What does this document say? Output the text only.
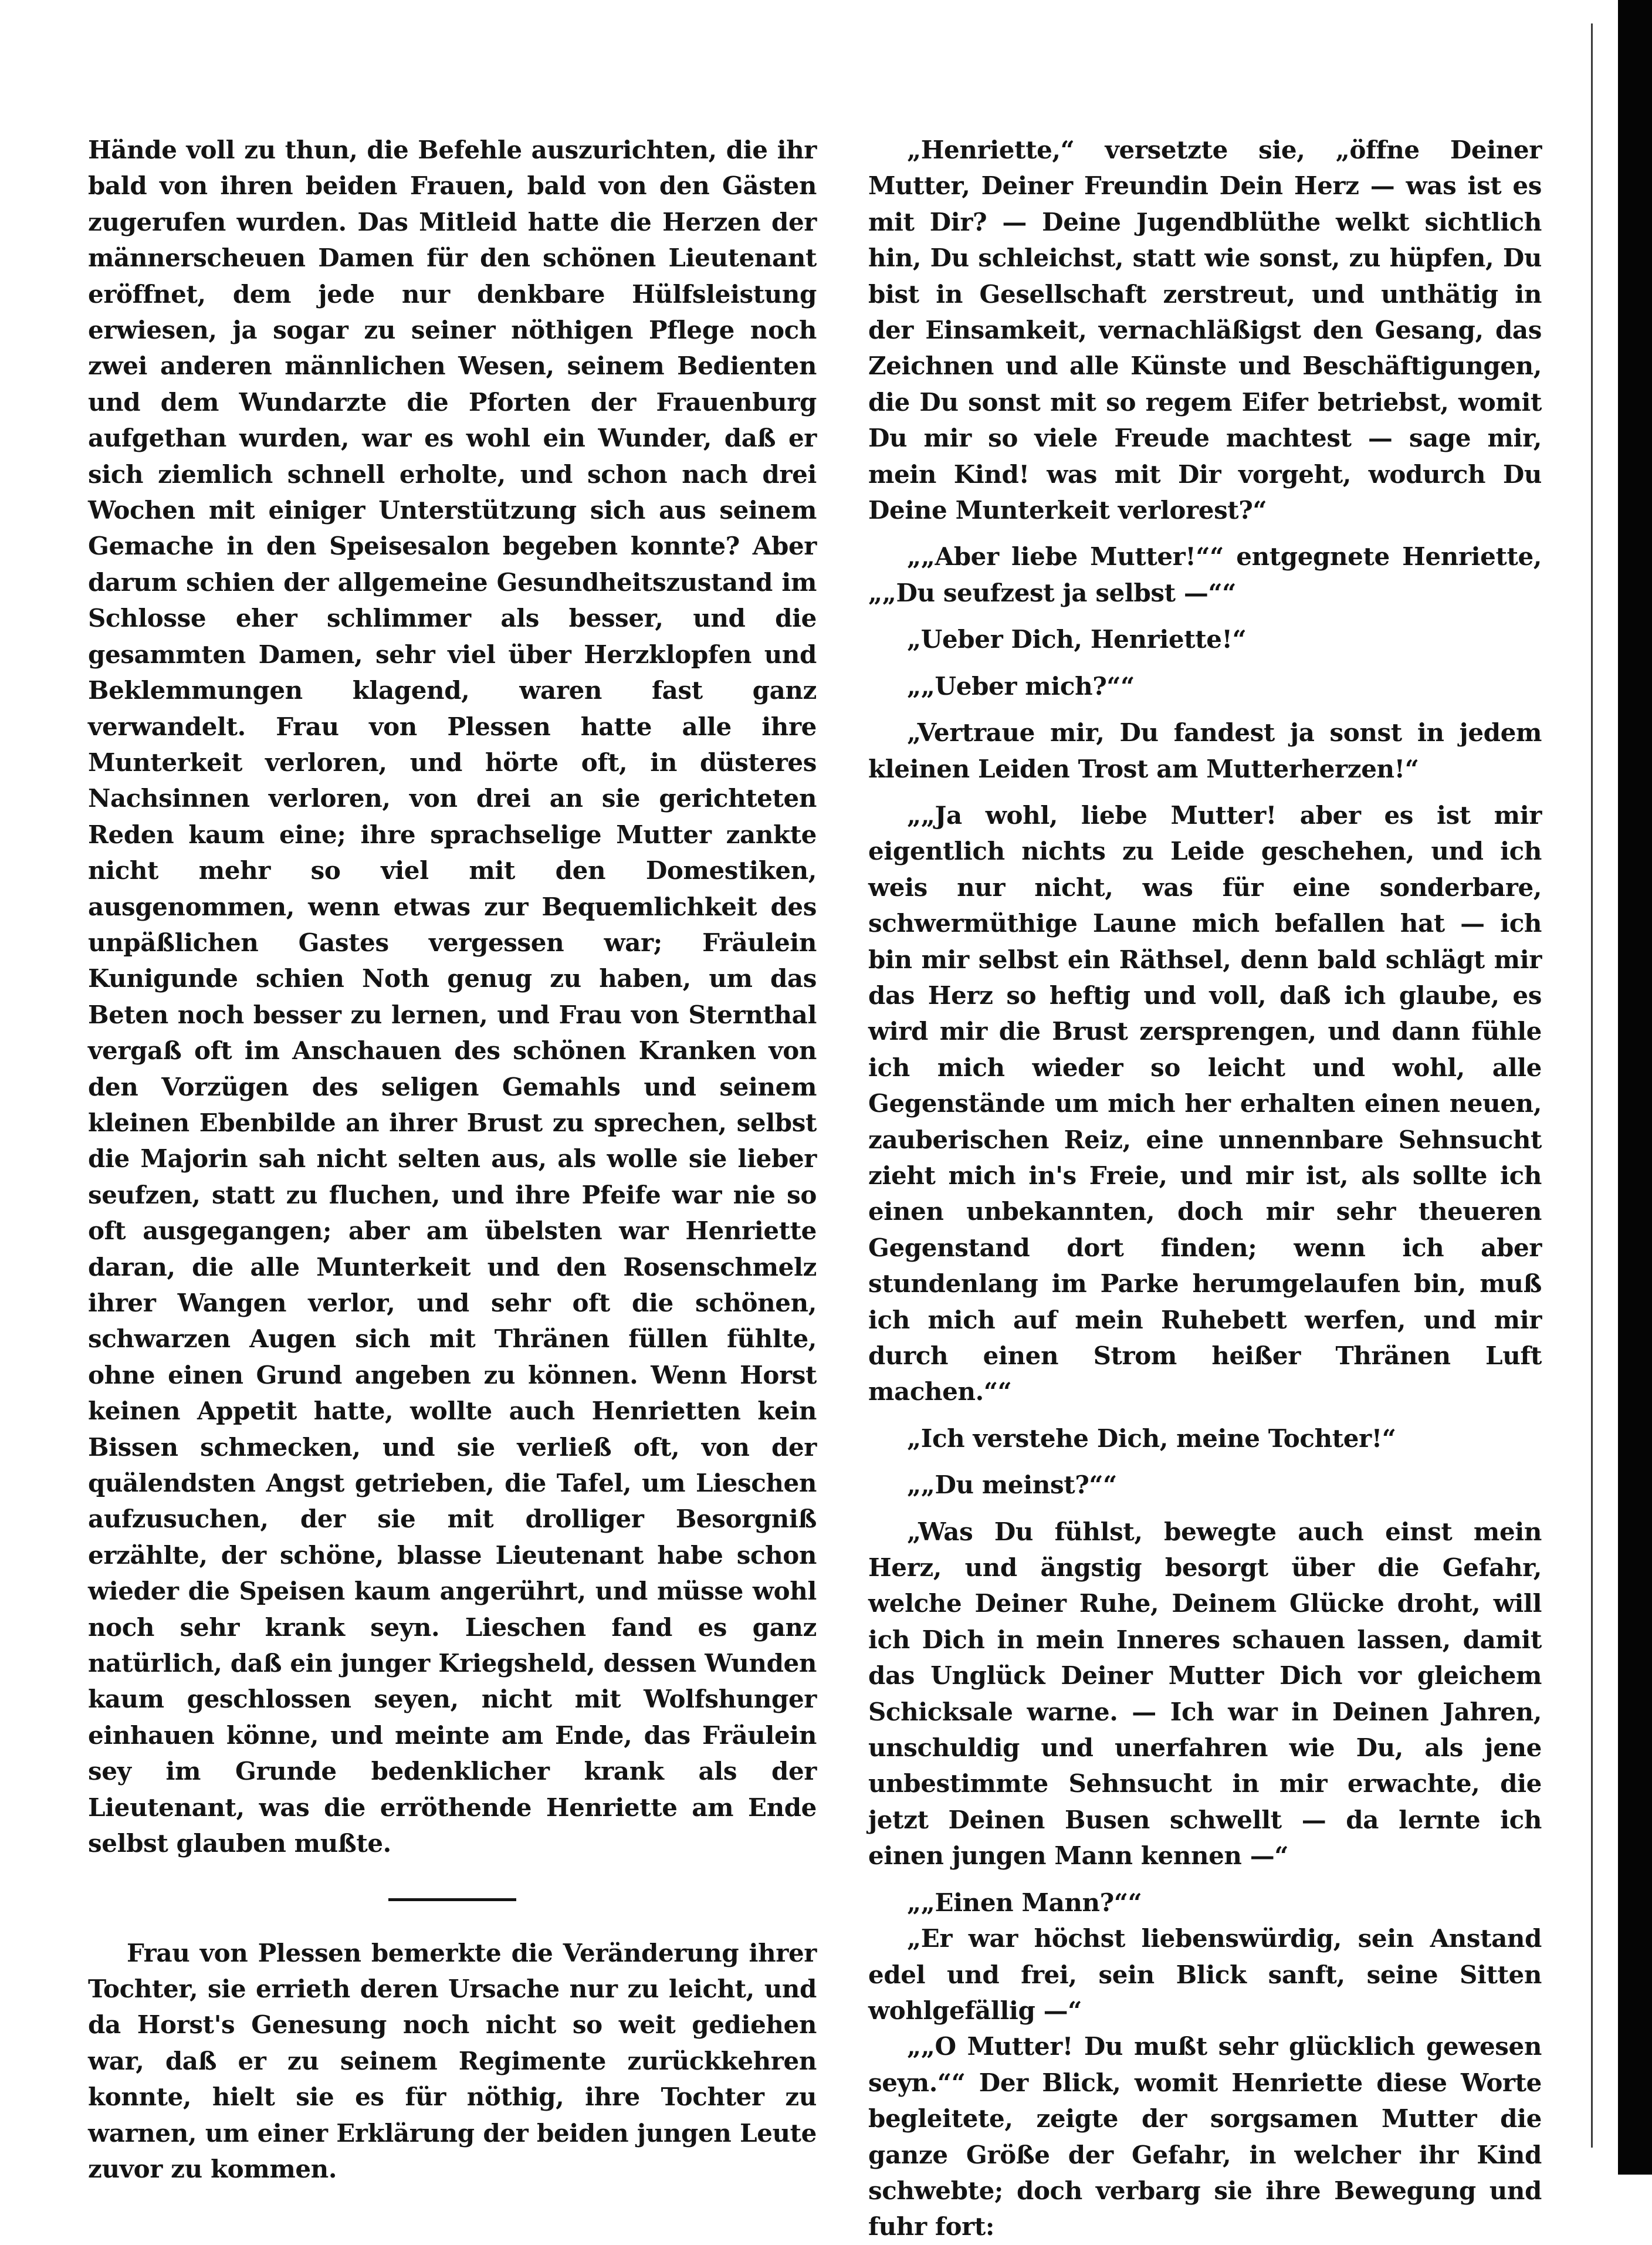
Hände voll zu thun, die Befehle auszurichten, die ihr bald von ihren beiden Frauen, bald von den Gästen zugerufen wurden. Das Mitleid hatte die Herzen der männerscheuen Damen für den schönen Lieutenant eröffnet, dem jede nur denkbare Hülfsleistung erwiesen, ja sogar zu seiner nöthigen Pflege noch zwei anderen männlichen Wesen, seinem Bedienten und dem Wundarzte die Pforten der Frauenburg aufgethan wurden, war es wohl ein Wunder, daß er sich ziemlich schnell erholte, und schon nach drei Wochen mit einiger Unterstützung sich aus seinem Gemache in den Speisesalon begeben konnte? Aber darum schien der allgemeine Gesundheitszustand im Schlosse eher schlimmer als besser, und die gesammten Damen, sehr viel über Herzklopfen und Beklemmungen klagend, waren fast ganz verwandelt. Frau von Plessen hatte alle ihre Munterkeit verloren, und hörte oft, in düsteres Nachsinnen verloren, von drei an sie gerichteten Reden kaum eine; ihre sprachselige Mutter zankte nicht mehr so viel mit den Domestiken, ausgenommen, wenn etwas zur Bequemlichkeit des unpäßlichen Gastes vergessen war; Fräulein Kunigunde schien Noth genug zu haben, um das Beten noch besser zu lernen, und Frau von Sternthal vergaß oft im Anschauen des schönen Kranken von den Vorzügen des seligen Gemahls und seinem kleinen Ebenbilde an ihrer Brust zu sprechen, selbst die Majorin sah nicht selten aus, als wolle sie lieber seufzen, statt zu fluchen, und ihre Pfeife war nie so oft ausgegangen; aber am übelsten war Henriette daran, die alle Munterkeit und den Rosenschmelz ihrer Wangen verlor, und sehr oft die schönen, schwarzen Augen sich mit Thränen füllen fühlte, ohne einen Grund angeben zu können. Wenn Horst keinen Appetit hatte, wollte auch Henrietten kein Bissen schmecken, und sie verließ oft, von der quälendsten Angst getrieben, die Tafel, um Lieschen aufzusuchen, der sie mit drolliger Besorgniß erzählte, der schöne, blasse Lieutenant habe schon wieder die Speisen kaum angerührt, und müsse wohl noch sehr krank seyn. Lieschen fand es ganz natürlich, daß ein junger Kriegsheld, dessen Wunden kaum geschlossen seyen, nicht mit Wolfshunger einhauen könne, und meinte am Ende, das Fräulein sey im Grunde bedenklicher krank als der Lieutenant, was die erröthende Henriette am Ende selbst glauben mußte.

Frau von Plessen bemerkte die Veränderung ihrer Tochter, sie errieth deren Ursache nur zu leicht, und da Horst's Genesung noch nicht so weit gediehen war, daß er zu seinem Regimente zurückkehren konnte, hielt sie es für nöthig, ihre Tochter zu warnen, um einer Erklärung der beiden jungen Leute zuvor zu kommen.

„Henriette,“ versetzte sie, „öffne Deiner Mutter, Deiner Freundin Dein Herz — was ist es mit Dir? — Deine Jugendblüthe welkt sichtlich hin, Du schleichst, statt wie sonst, zu hüpfen, Du bist in Gesellschaft zerstreut, und unthätig in der Einsamkeit, vernachläßigst den Gesang, das Zeichnen und alle Künste und Beschäftigungen, die Du sonst mit so regem Eifer betriebst, womit Du mir so viele Freude machtest — sage mir, mein Kind! was mit Dir vorgeht, wodurch Du Deine Munterkeit verlorest?“

„„Aber liebe Mutter!““ entgegnete Henriette, „„Du seufzest ja selbst —““

„Ueber Dich, Henriette!“

„„Ueber mich?““

„Vertraue mir, Du fandest ja sonst in jedem kleinen Leiden Trost am Mutterherzen!“

„„Ja wohl, liebe Mutter! aber es ist mir eigentlich nichts zu Leide geschehen, und ich weis nur nicht, was für eine sonderbare, schwermüthige Laune mich befallen hat — ich bin mir selbst ein Räthsel, denn bald schlägt mir das Herz so heftig und voll, daß ich glaube, es wird mir die Brust zersprengen, und dann fühle ich mich wieder so leicht und wohl, alle Gegenstände um mich her erhalten einen neuen, zauberischen Reiz, eine unnennbare Sehnsucht zieht mich in's Freie, und mir ist, als sollte ich einen unbekannten, doch mir sehr theueren Gegenstand dort finden; wenn ich aber stundenlang im Parke herumgelaufen bin, muß ich mich auf mein Ruhebett werfen, und mir durch einen Strom heißer Thränen Luft machen.““

„Ich verstehe Dich, meine Tochter!“

„„Du meinst?““

„Was Du fühlst, bewegte auch einst mein Herz, und ängstig besorgt über die Gefahr, welche Deiner Ruhe, Deinem Glücke droht, will ich Dich in mein Inneres schauen lassen, damit das Unglück Deiner Mutter Dich vor gleichem Schicksale warne. — Ich war in Deinen Jahren, unschuldig und unerfahren wie Du, als jene unbestimmte Sehnsucht in mir erwachte, die jetzt Deinen Busen schwellt — da lernte ich einen jungen Mann kennen —“

„„Einen Mann?““

„Er war höchst liebenswürdig, sein Anstand edel und frei, sein Blick sanft, seine Sitten wohlgefällig —“

„„O Mutter! Du mußt sehr glücklich gewesen seyn.““ Der Blick, womit Henriette diese Worte begleitete, zeigte der sorgsamen Mutter die ganze Größe der Gefahr, in welcher ihr Kind schwebte; doch verbarg sie ihre Bewegung und fuhr fort:
